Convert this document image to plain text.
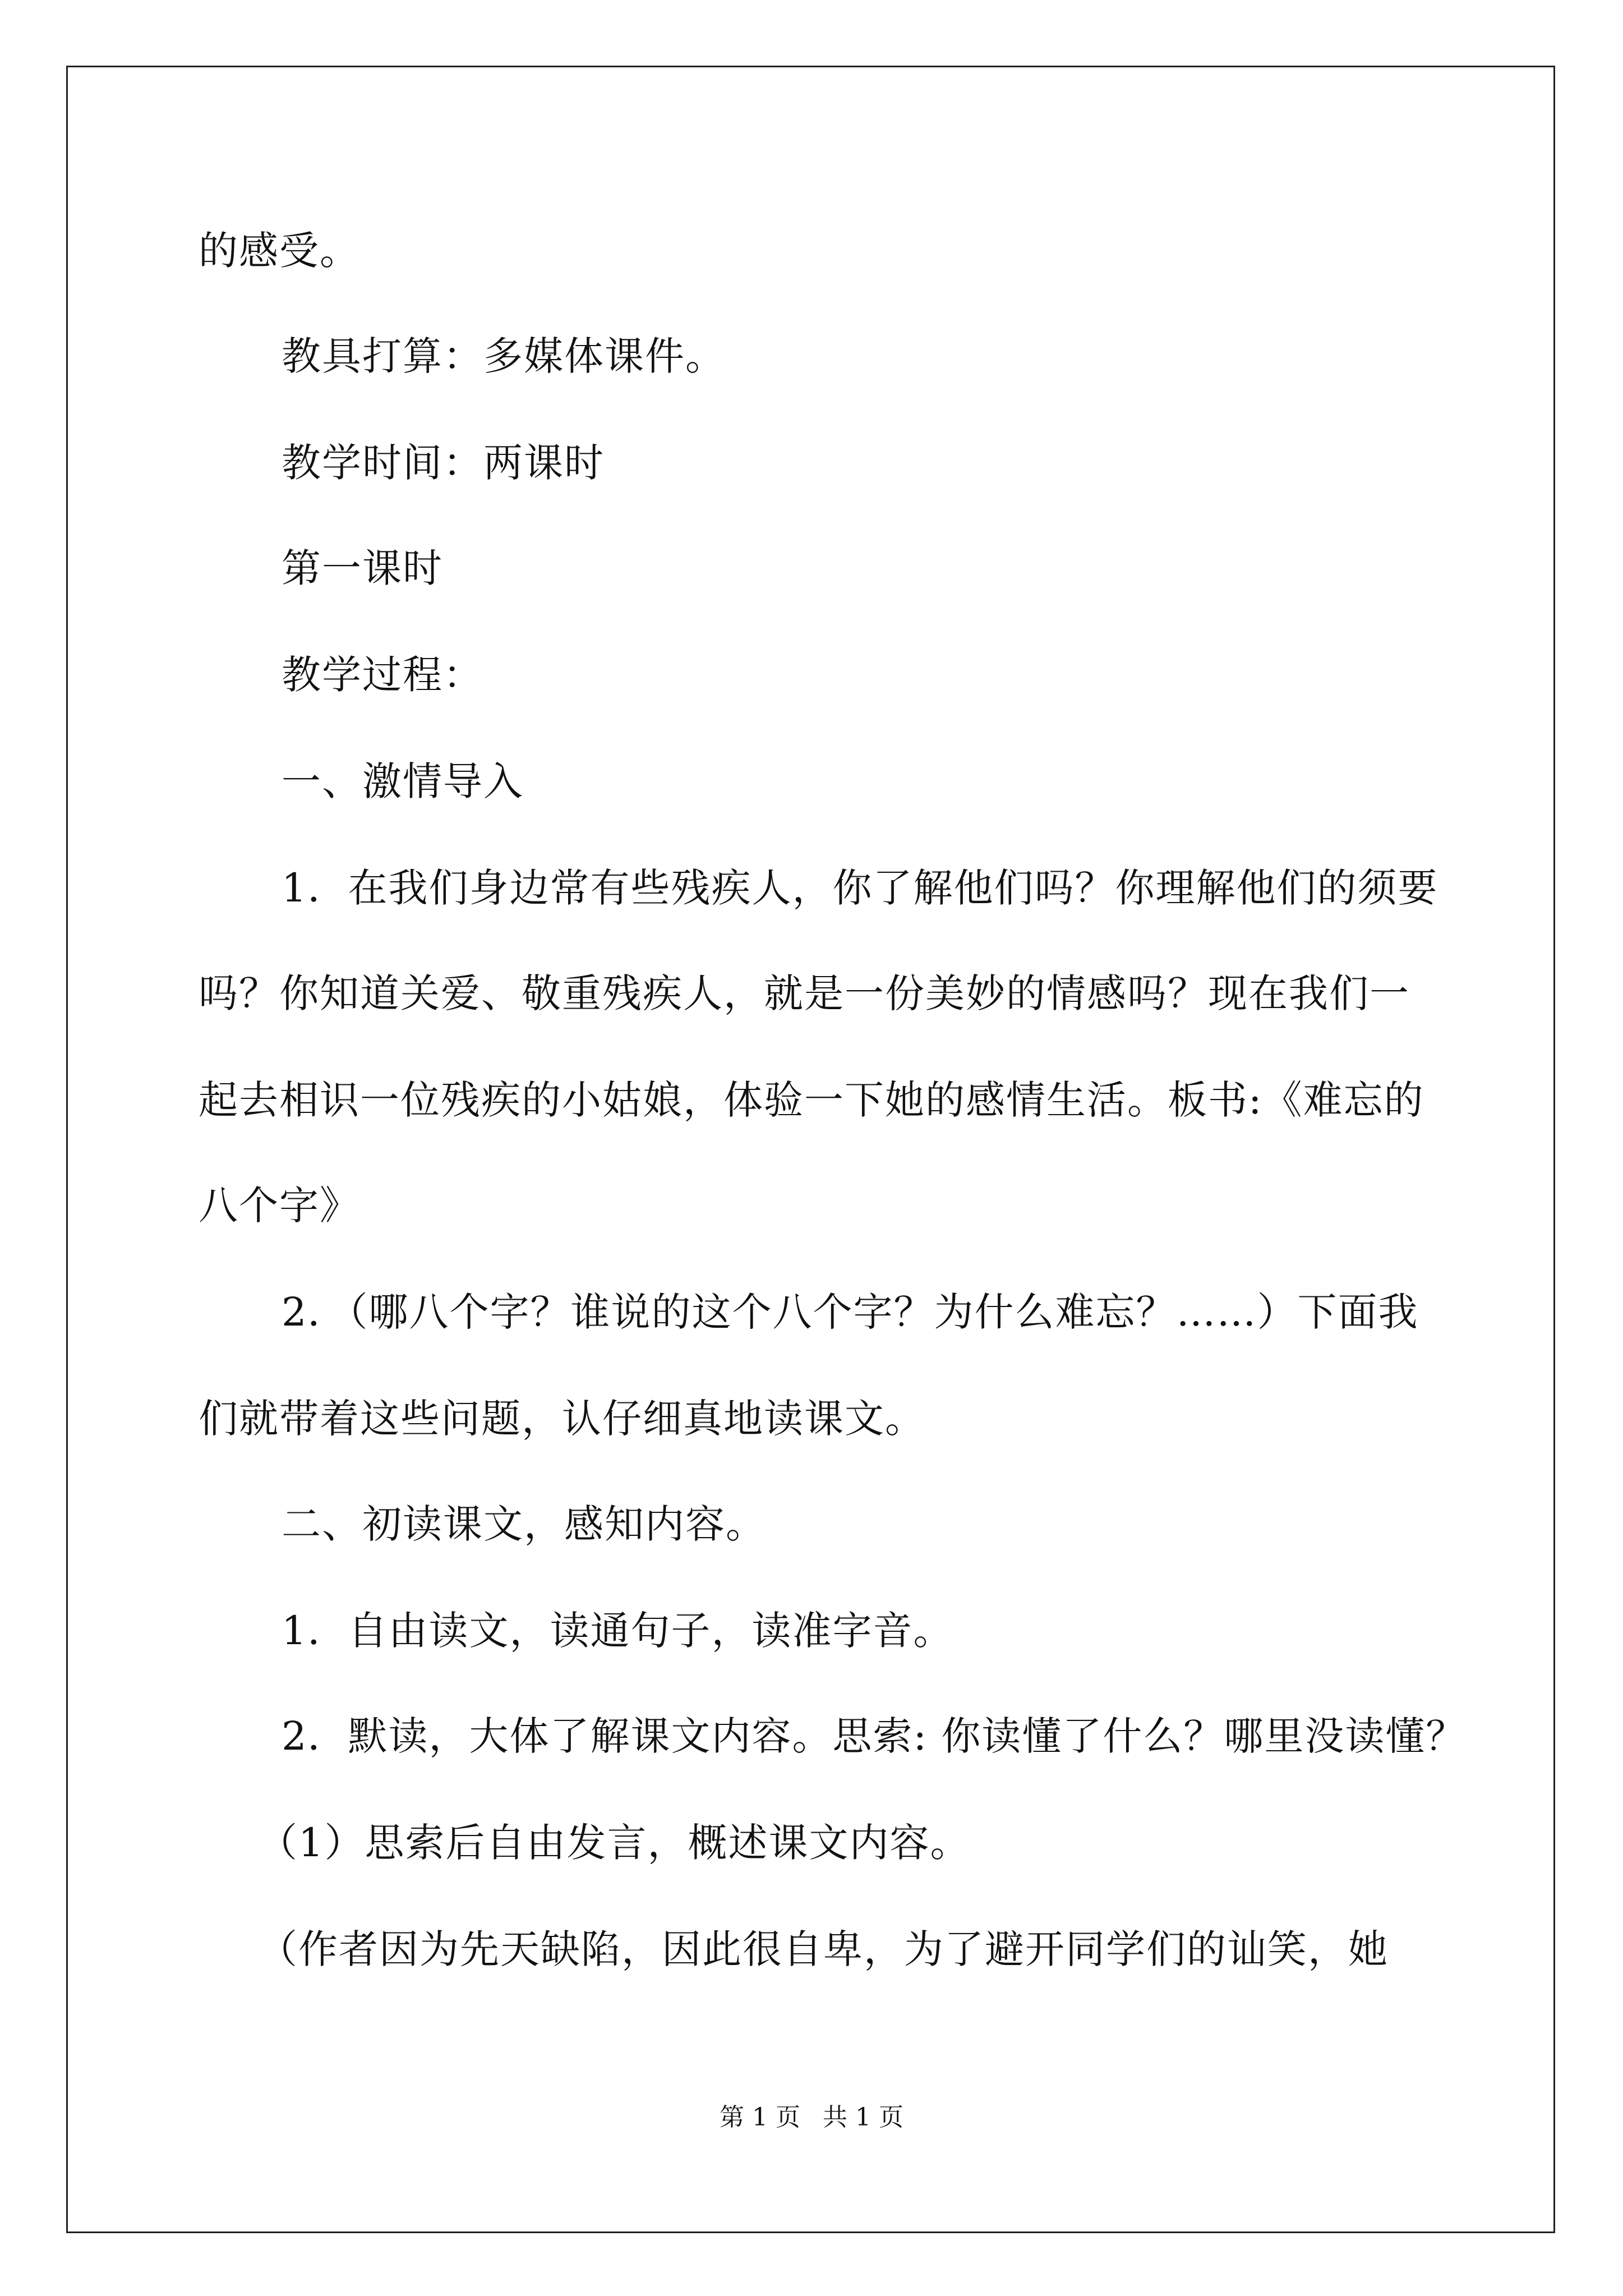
的感受。
教具打算：多媒体课件。
教学时间：两课时
第一课时
教学过程：
一、激情导入
1．在我们身边常有些残疾人，你了解他们吗？你理解他们的须要
吗？你知道关爱、敬重残疾人，就是一份美妙的情感吗？现在我们一
起去相识一位残疾的小姑娘，体验一下她的感情生活。板书:《难忘的
八个字》
2．（哪八个字？谁说的这个八个字？为什么难忘？……）下面我
们就带着这些问题，认仔细真地读课文。
二、初读课文，感知内容。
1．自由读文，读通句子，读准字音。
2．默读，大体了解课文内容。思索: 你读懂了什么？哪里没读懂？
（1）思索后自由发言，概述课文内容。
（作者因为先天缺陷，因此很自卑，为了避开同学们的讪笑，她
第 1 页 共 1 页
